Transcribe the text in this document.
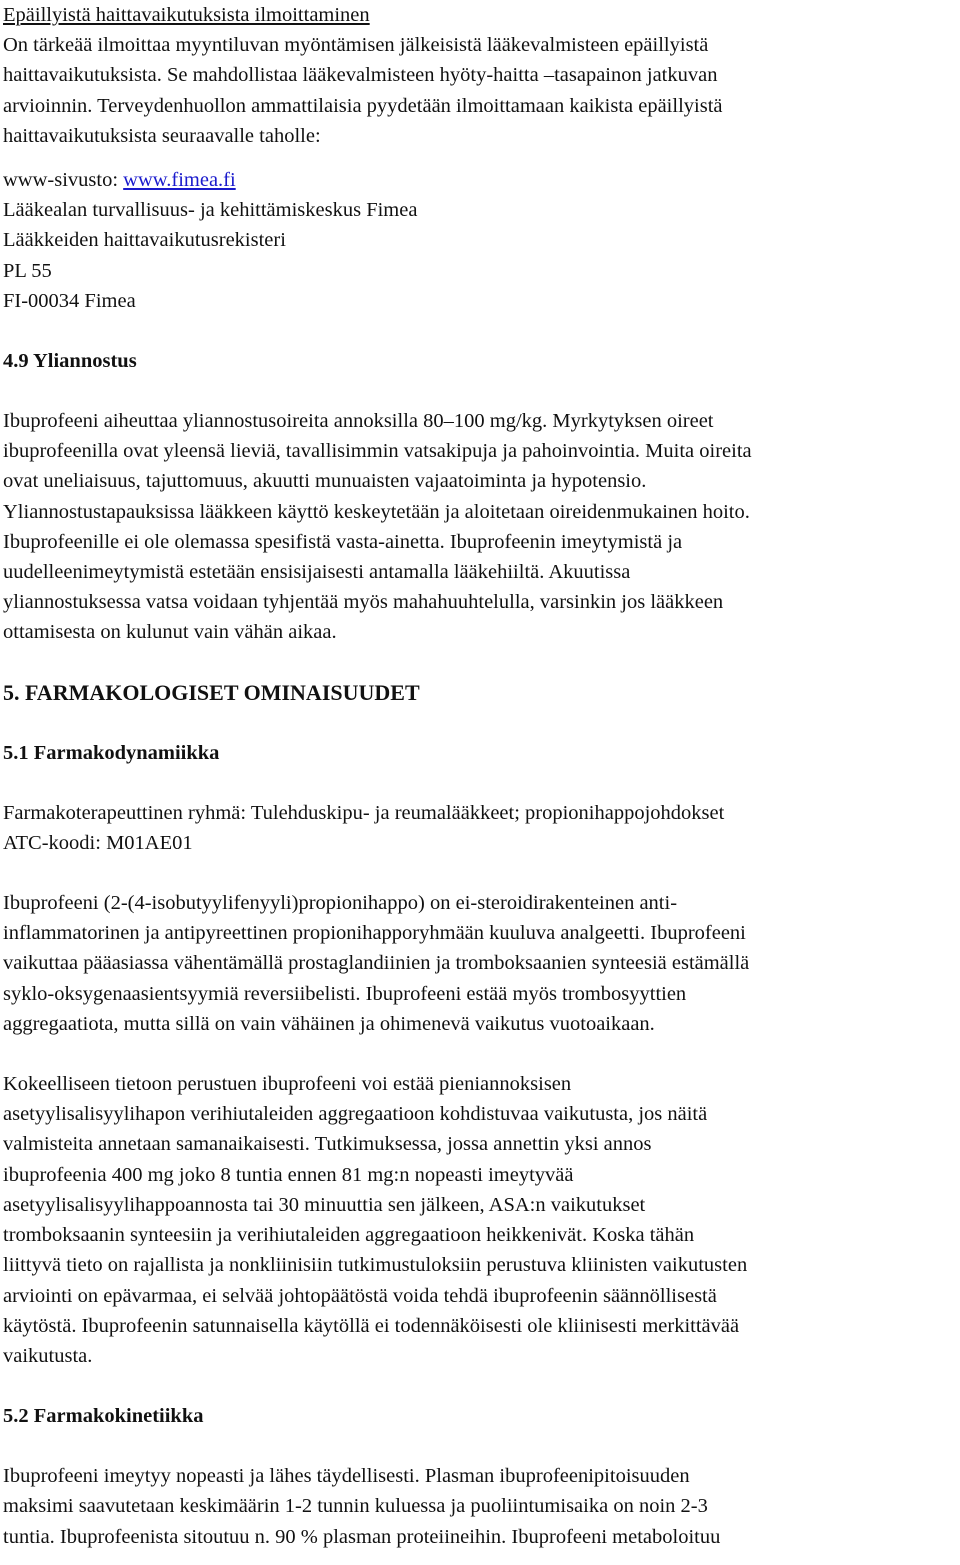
Epäillyistä haittavaikutuksista ilmoittaminen
On tärkeää ilmoittaa myyntiluvan myöntämisen jälkeisistä lääkevalmisteen epäillyistä
haittavaikutuksista. Se mahdollistaa lääkevalmisteen hyöty-haitta –tasapainon jatkuvan
arvioinnin. Terveydenhuollon ammattilaisia pyydetään ilmoittamaan kaikista epäillyistä
haittavaikutuksista seuraavalle taholle:
www-sivusto: www.fimea.fi
Lääkealan turvallisuus- ja kehittämiskeskus Fimea
Lääkkeiden haittavaikutusrekisteri
PL 55
FI-00034 Fimea
4.9 Yliannostus
Ibuprofeeni aiheuttaa yliannostusoireita annoksilla 80–100 mg/kg. Myrkytyksen oireet
ibuprofeenilla ovat yleensä lieviä, tavallisimmin vatsakipuja ja pahoinvointia. Muita oireita
ovat uneliaisuus, tajuttomuus, akuutti munuaisten vajaatoiminta ja hypotensio.
Yliannostustapauksissa lääkkeen käyttö keskeytetään ja aloitetaan oireidenmukainen hoito.
Ibuprofeenille ei ole olemassa spesifistä vasta-ainetta. Ibuprofeenin imeytymistä ja
uudelleenimeytymistä estetään ensisijaisesti antamalla lääkehiiltä. Akuutissa
yliannostuksessa vatsa voidaan tyhjentää myös mahahuuhtelulla, varsinkin jos lääkkeen
ottamisesta on kulunut vain vähän aikaa.
5. FARMAKOLOGISET OMINAISUUDET
5.1 Farmakodynamiikka
Farmakoterapeuttinen ryhmä: Tulehduskipu- ja reumalääkkeet; propionihappojohdokset
ATC-koodi: M01AE01
Ibuprofeeni (2-(4-isobutyylifenyyli)propionihappo) on ei-steroidirakenteinen anti-
inflammatorinen ja antipyreettinen propionihapporyhmään kuuluva analgeetti. Ibuprofeeni
vaikuttaa pääasiassa vähentämällä prostaglandiinien ja tromboksaanien synteesiä estämällä
syklo-oksygenaasientsyymiä reversiibelisti. Ibuprofeeni estää myös trombosyyttien
aggregaatiota, mutta sillä on vain vähäinen ja ohimenevä vaikutus vuotoaikaan.
Kokeelliseen tietoon perustuen ibuprofeeni voi estää pieniannoksisen
asetyylisalisyylihapon verihiutaleiden aggregaatioon kohdistuvaa vaikutusta, jos näitä
valmisteita annetaan samanaikaisesti. Tutkimuksessa, jossa annettin yksi annos
ibuprofeenia 400 mg joko 8 tuntia ennen 81 mg:n nopeasti imeytyvää
asetyylisalisyylihappoannosta tai 30 minuuttia sen jälkeen, ASA:n vaikutukset
tromboksaanin synteesiin ja verihiutaleiden aggregaatioon heikkenivät. Koska tähän
liittyvä tieto on rajallista ja nonkliinisiin tutkimustuloksiin perustuva kliinisten vaikutusten
arviointi on epävarmaa, ei selvää johtopäätöstä voida tehdä ibuprofeenin säännöllisestä
käytöstä. Ibuprofeenin satunnaisella käytöllä ei todennäköisesti ole kliinisesti merkittävää
vaikutusta.
5.2 Farmakokinetiikka
Ibuprofeeni imeytyy nopeasti ja lähes täydellisesti. Plasman ibuprofeenipitoisuuden
maksimi saavutetaan keskimäärin 1-2 tunnin kuluessa ja puoliintumisaika on noin 2-3
tuntia. Ibuprofeenista sitoutuu n. 90 % plasman proteiineihin. Ibuprofeeni metaboloituu
